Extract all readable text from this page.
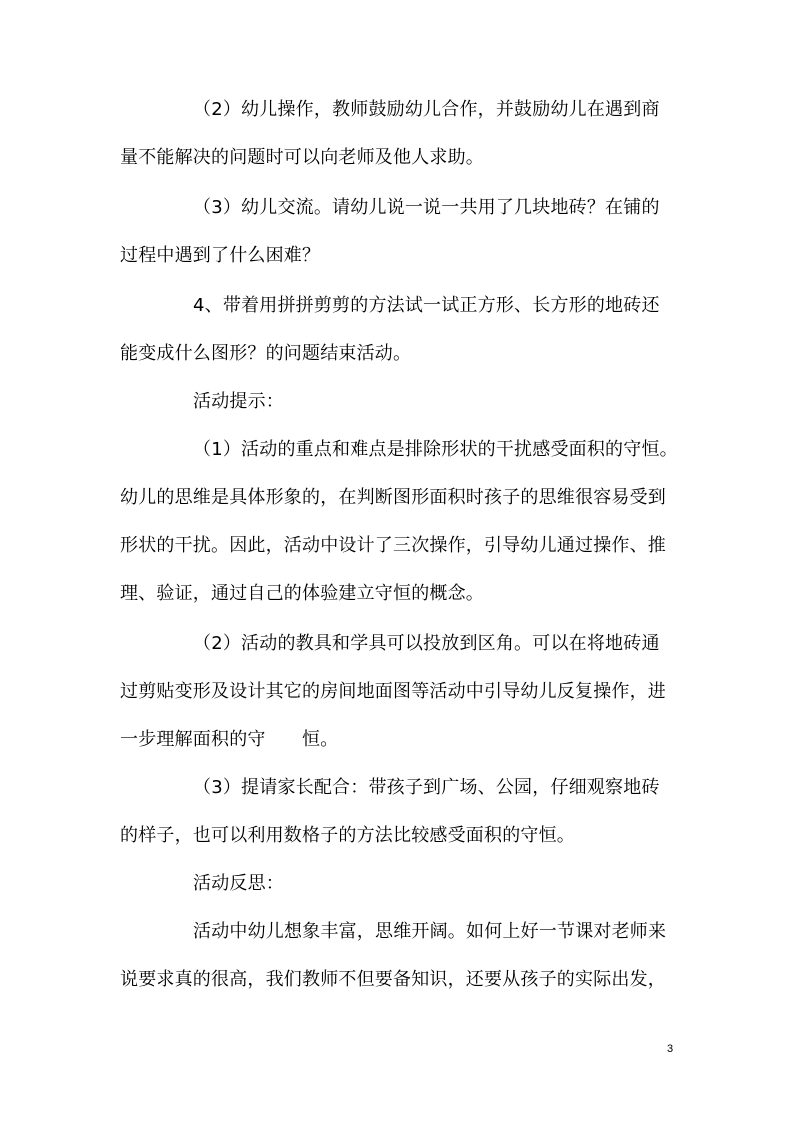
（2）幼儿操作，教师鼓励幼儿合作，并鼓励幼儿在遇到商
量不能解决的问题时可以向老师及他人求助。
（3）幼儿交流。请幼儿说一说一共用了几块地砖？在铺的
过程中遇到了什么困难？
4、带着用拼拼剪剪的方法试一试正方形、长方形的地砖还
能变成什么图形？的问题结束活动。
活动提示：
（1）活动的重点和难点是排除形状的干扰感受面积的守恒。
幼儿的思维是具体形象的，在判断图形面积时孩子的思维很容易受到
形状的干扰。因此，活动中设计了三次操作，引导幼儿通过操作、推
理、验证，通过自己的体验建立守恒的概念。
（2）活动的教具和学具可以投放到区角。可以在将地砖通
过剪贴变形及设计其它的房间地面图等活动中引导幼儿反复操作，进
一步理解面积的守　　恒。
（3）提请家长配合：带孩子到广场、公园，仔细观察地砖
的样子，也可以利用数格子的方法比较感受面积的守恒。
活动反思：
活动中幼儿想象丰富，思维开阔。如何上好一节课对老师来
说要求真的很高，我们教师不但要备知识，还要从孩子的实际出发，
3
